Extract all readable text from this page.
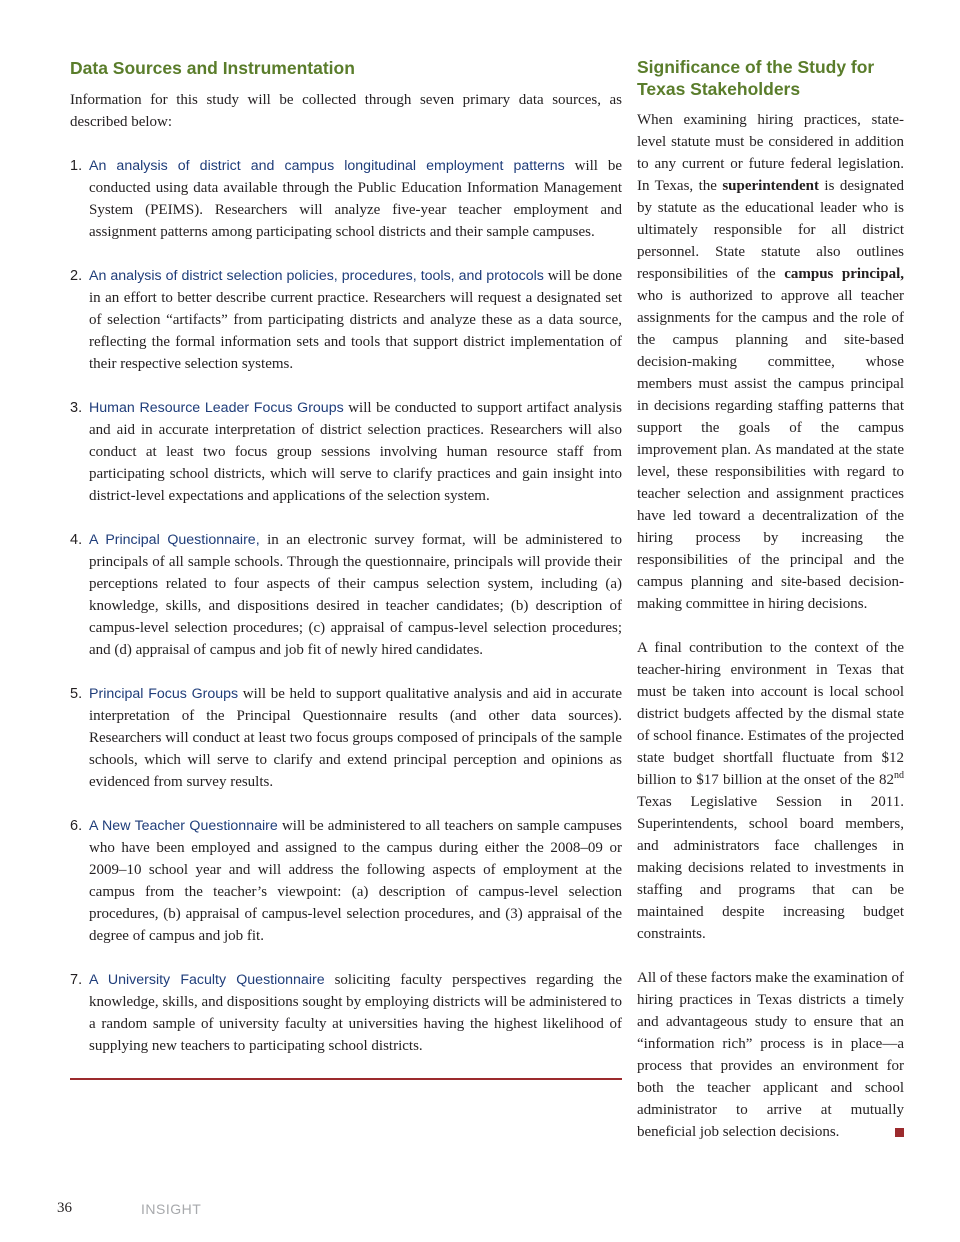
Data Sources and Instrumentation

Information for this study will be collected through seven primary data sources, as described below:

1. An analysis of district and campus longitudinal employment patterns will be conducted using data available through the Public Education Information Management System (PEIMS). Researchers will analyze five-year teacher employment and assignment patterns among participating school districts and their sample campuses.

2. An analysis of district selection policies, procedures, tools, and protocols will be done in an effort to better describe current practice. Researchers will request a designated set of selection “artifacts” from participating districts and analyze these as a data source, reflecting the formal information sets and tools that support district implementation of their respective selection systems.

3. Human Resource Leader Focus Groups will be conducted to support artifact analysis and aid in accurate interpretation of district selection practices. Researchers will also conduct at least two focus group sessions involving human resource staff from participating school districts, which will serve to clarify practices and gain insight into district-level expectations and applications of the selection system.

4. A Principal Questionnaire, in an electronic survey format, will be administered to principals of all sample schools. Through the questionnaire, principals will provide their perceptions related to four aspects of their campus selection system, including (a) knowledge, skills, and dispositions desired in teacher candidates; (b) description of campus-level selection procedures; (c) appraisal of campus-level selection procedures; and (d) appraisal of campus and job fit of newly hired candidates.

5. Principal Focus Groups will be held to support qualitative analysis and aid in accurate interpretation of the Principal Questionnaire results (and other data sources). Researchers will conduct at least two focus groups composed of principals of the sample schools, which will serve to clarify and extend principal perception and opinions as evidenced from survey results.

6. A New Teacher Questionnaire will be administered to all teachers on sample campuses who have been employed and assigned to the campus during either the 2008–09 or 2009–10 school year and will address the following aspects of employment at the campus from the teacher’s viewpoint: (a) description of campus-level selection procedures, (b) appraisal of campus-level selection procedures, and (3) appraisal of the degree of campus and job fit.

7. A University Faculty Questionnaire soliciting faculty perspectives regarding the knowledge, skills, and dispositions sought by employing districts will be administered to a random sample of university faculty at universities having the highest likelihood of supplying new teachers to participating school districts.

Significance of the Study for
Texas Stakeholders

When examining hiring practices, state-level statute must be considered in addition to any current or future federal legislation. In Texas, the superintendent is designated by statute as the educational leader who is ultimately responsible for all district personnel. State statute also outlines responsibilities of the campus principal, who is authorized to approve all teacher assignments for the campus and the role of the campus planning and site-based decision-making committee, whose members must assist the campus principal in decisions regarding staffing patterns that support the goals of the campus improvement plan. As mandated at the state level, these responsibilities with regard to teacher selection and assignment practices have led toward a decentralization of the hiring process by increasing the responsibilities of the principal and the campus planning and site-based decision-making committee in hiring decisions.

A final contribution to the context of the teacher-hiring environment in Texas that must be taken into account is local school district budgets affected by the dismal state of school finance. Estimates of the projected state budget shortfall fluctuate from $12 billion to $17 billion at the onset of the 82nd Texas Legislative Session in 2011. Superintendents, school board members, and administrators face challenges in making decisions related to investments in staffing and programs that can be maintained despite increasing budget constraints.

All of these factors make the examination of hiring practices in Texas districts a timely and advantageous study to ensure that an “information rich” process is in place—a process that provides an environment for both the teacher applicant and school administrator to arrive at mutually beneficial job selection decisions.

36	INSIGHT
